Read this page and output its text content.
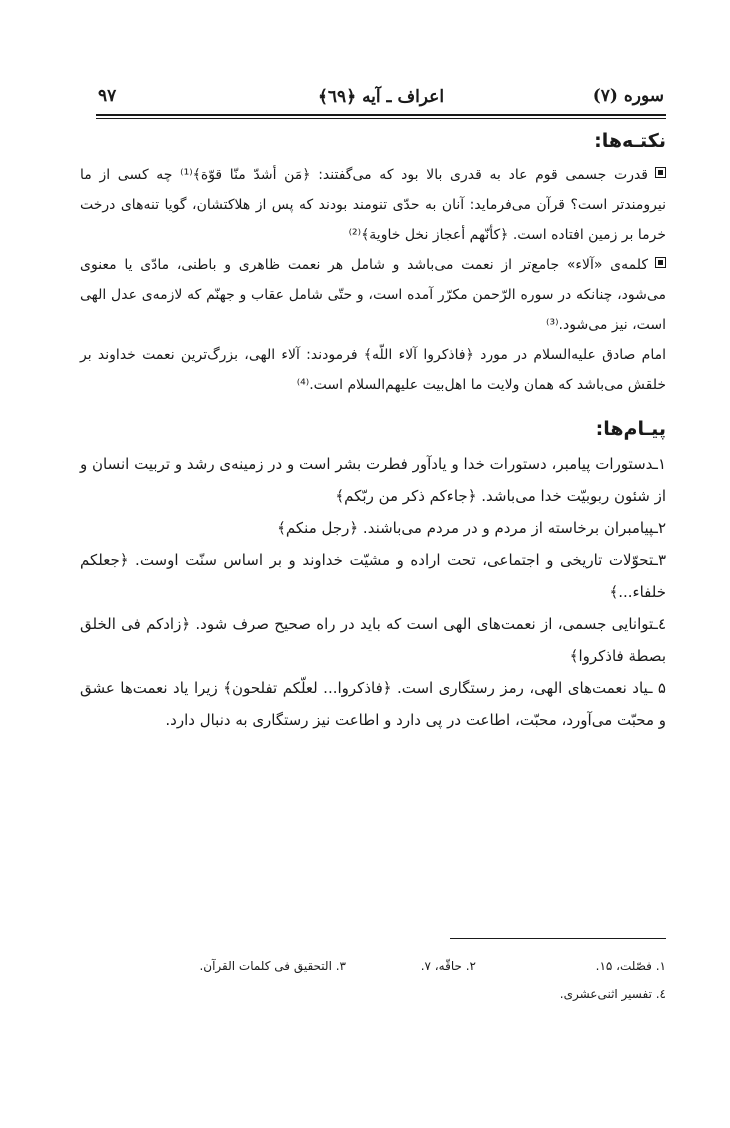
سوره (۷)
اعراف ـ آیه ﴿٦٩﴾
۹۷
نکتـه‌ها:
قدرت جسمی قوم عاد به قدری بالا بود که می‌گفتند: ﴿مَن أشدّ منّا قوّة﴾⁽¹⁾ چه کسی از ما نیرومندتر است؟ قرآن می‌فرماید: آنان به حدّی تنومند بودند که پس از هلاکتشان، گویا تنه‌های درخت خرما بر زمین افتاده است. ﴿کأنّهم أعجاز نخل خاویة﴾⁽²⁾
کلمه‌ی «آلاء» جامع‌تر از نعمت می‌باشد و شامل هر نعمت ظاهری و باطنی، مادّی یا معنوی می‌شود، چنانکه در سوره الرّحمن مکرّر آمده است، و حتّی شامل عقاب و جهنّم که لازمه‌ی عدل الهی است، نیز می‌شود.⁽³⁾
امام صادق علیه‌السلام در مورد ﴿فاذکروا آلاء اللّه﴾ فرمودند: آلاء الهی، بزرگ‌ترین نعمت خداوند بر خلقش می‌باشد که همان ولایت ما اهل‌بیت علیهم‌السلام است.⁽⁴⁾
پیـام‌ها:
۱ـدستورات پیامبر، دستورات خدا و یادآور فطرت بشر است و در زمینه‌ی رشد و تربیت انسان و از شئون ربوبیّت خدا می‌باشد. ﴿جاءکم ذکر من ربّکم﴾
۲ـپیامبران برخاسته از مردم و در مردم می‌باشند. ﴿رجل منکم﴾
۳ـتحوّلات تاریخی و اجتماعی، تحت اراده و مشیّت خداوند و بر اساس سنّت اوست. ﴿جعلکم خلفاء...﴾
٤ـتوانایی جسمی، از نعمت‌های الهی است که باید در راه صحیح صرف شود. ﴿زادکم فی الخلق بصطة فاذکروا﴾
۵ ـیاد نعمت‌های الهی، رمز رستگاری است. ﴿فاذکروا... لعلّکم تفلحون﴾ زیرا یاد نعمت‌ها عشق و محبّت می‌آورد، محبّت، اطاعت در پی دارد و اطاعت نیز رستگاری به دنبال دارد.
۱. فصّلت، ۱۵.
۲. حاقّه، ۷.
۳. التحقیق فی کلمات القرآن.
٤. تفسیر اثنی‌عشری.
